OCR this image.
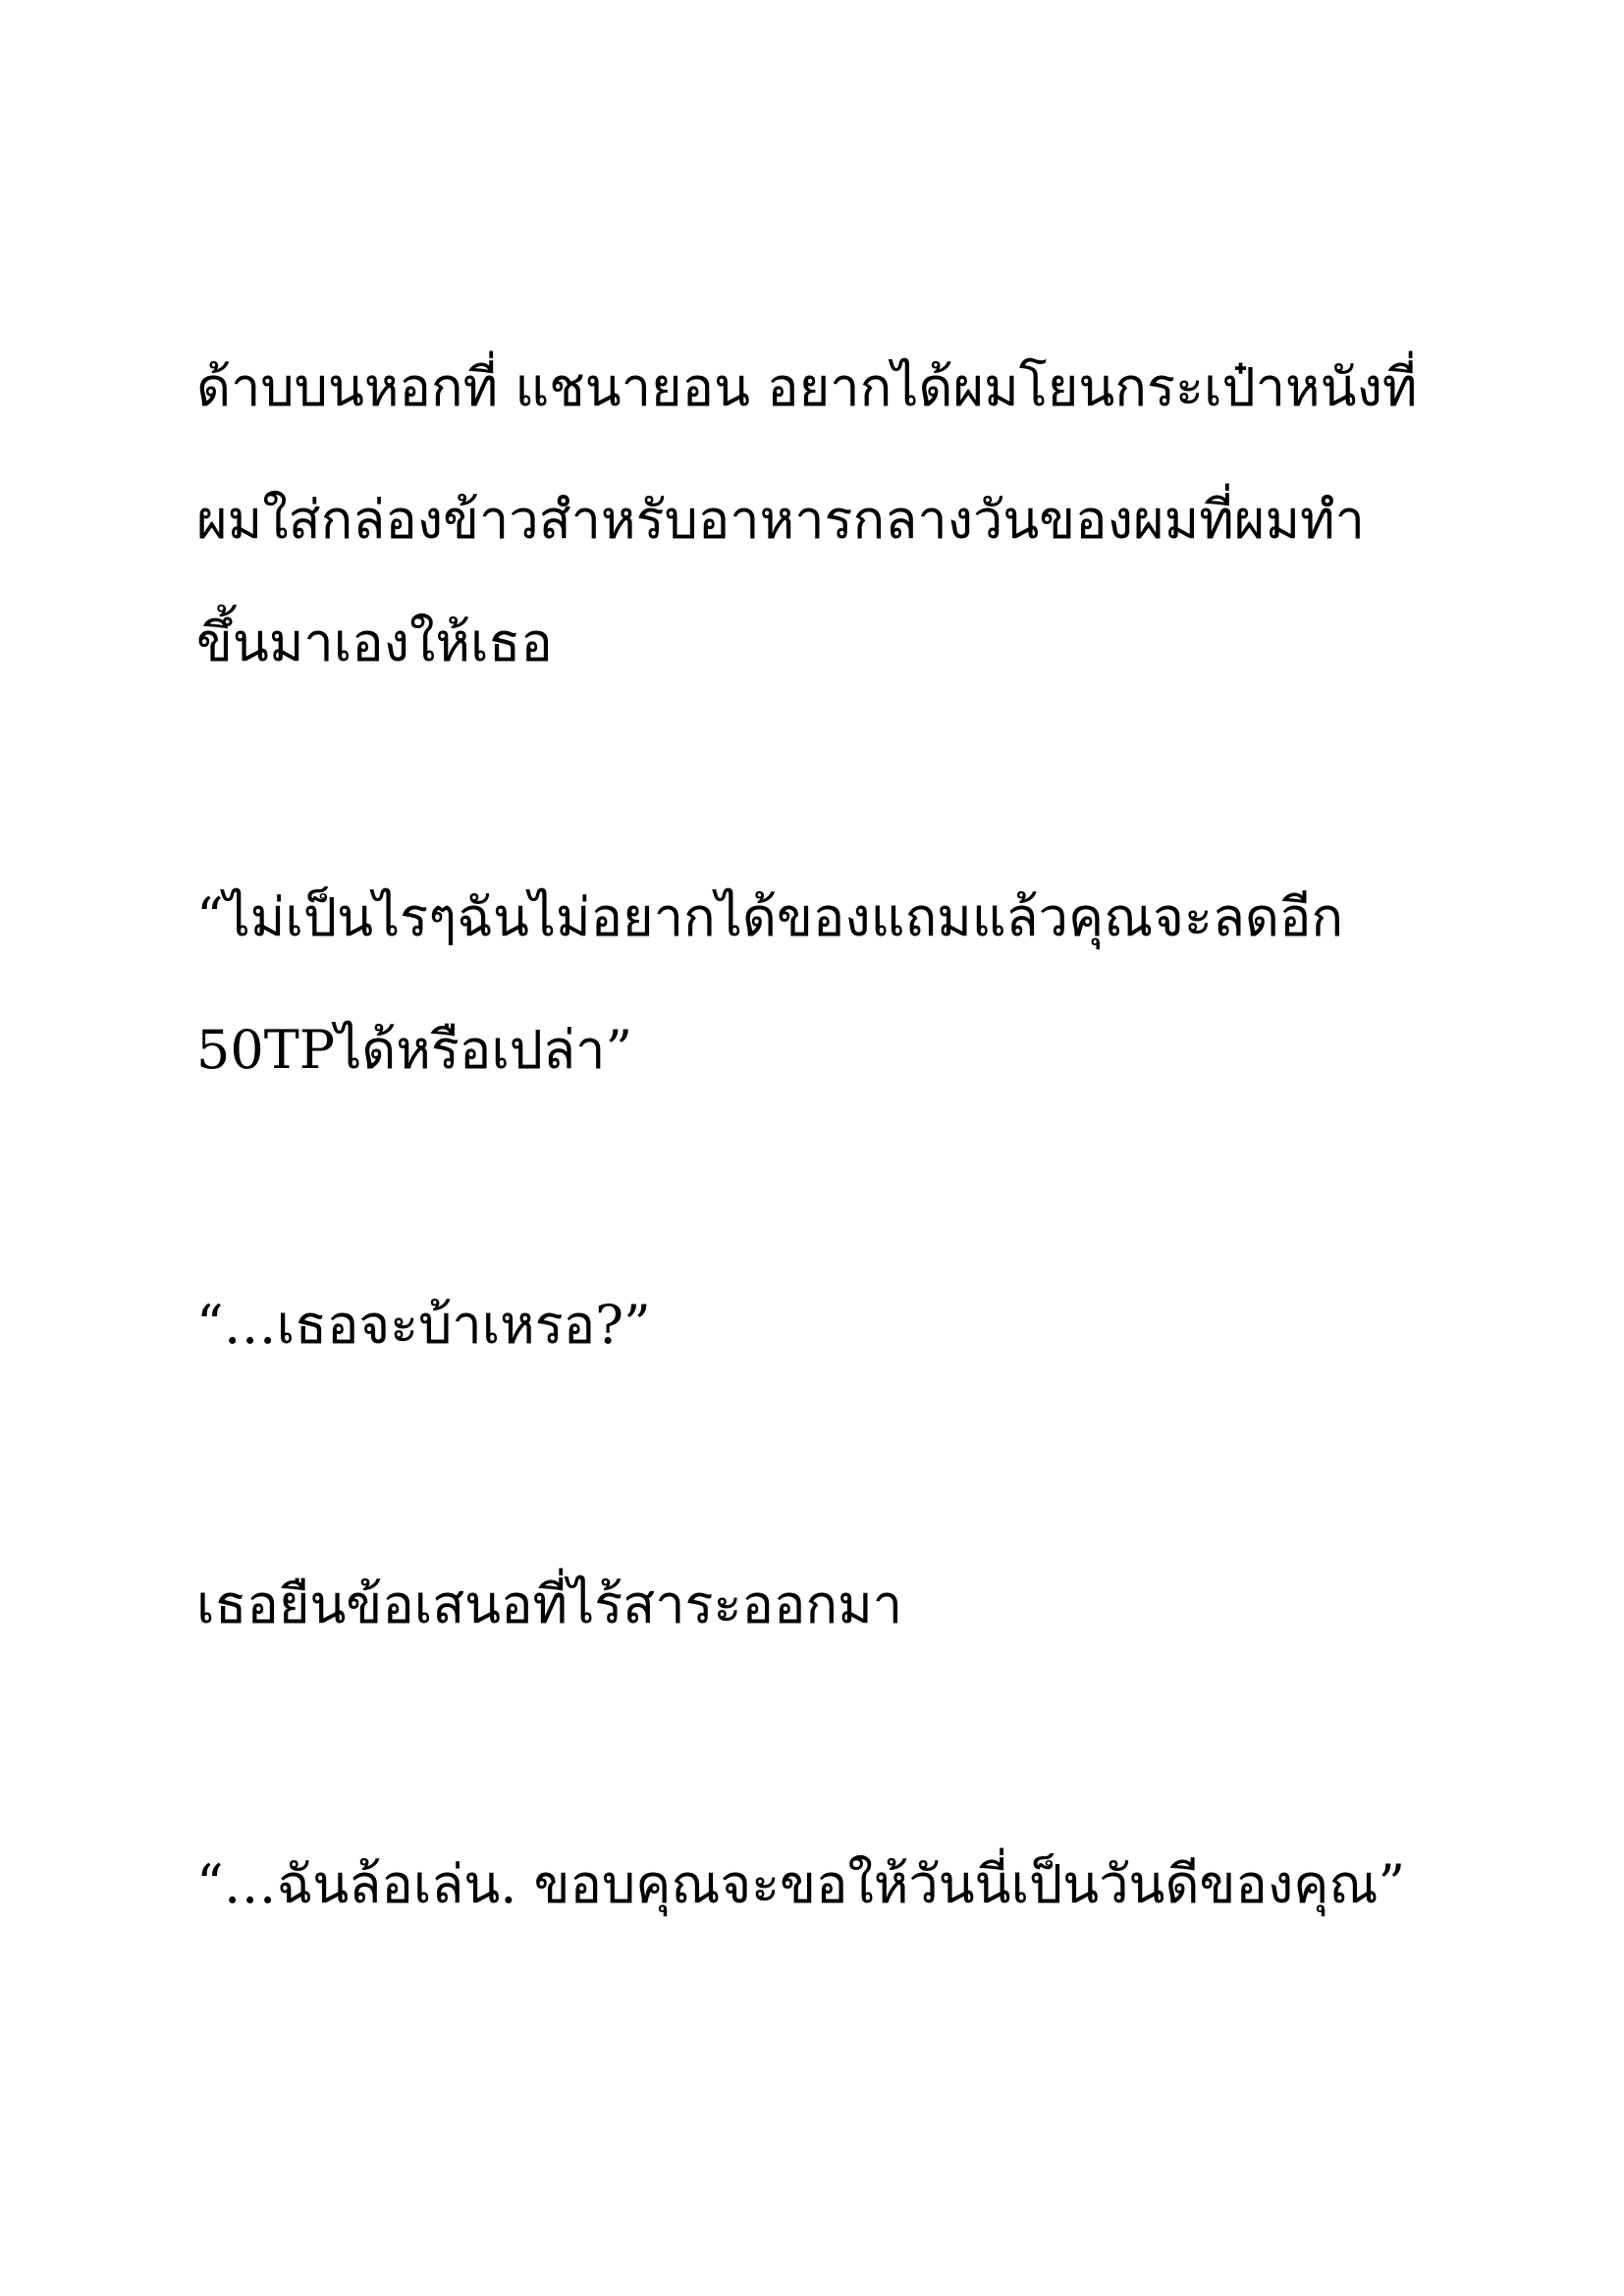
ด้าบบนหอกที่ แชนายอน อยากได้ผมโยนกระเป๋าหนังที่
ผมใส่กล่องข้าวสำหรับอาหารกลางวันของผมที่ผมทำ
ขึ้นมาเองให้เธอ
“ไม่เป็นไรๆฉันไม่อยากได้ของแถมแล้วคุณจะลดอีก
50TPได้หรือเปล่า”
“…เธอจะบ้าเหรอ?”
เธอยืนข้อเสนอที่ไร้สาระออกมา
“…ฉันล้อเล่น. ขอบคุณจะขอให้วันนี่เป็นวันดีของคุณ”
